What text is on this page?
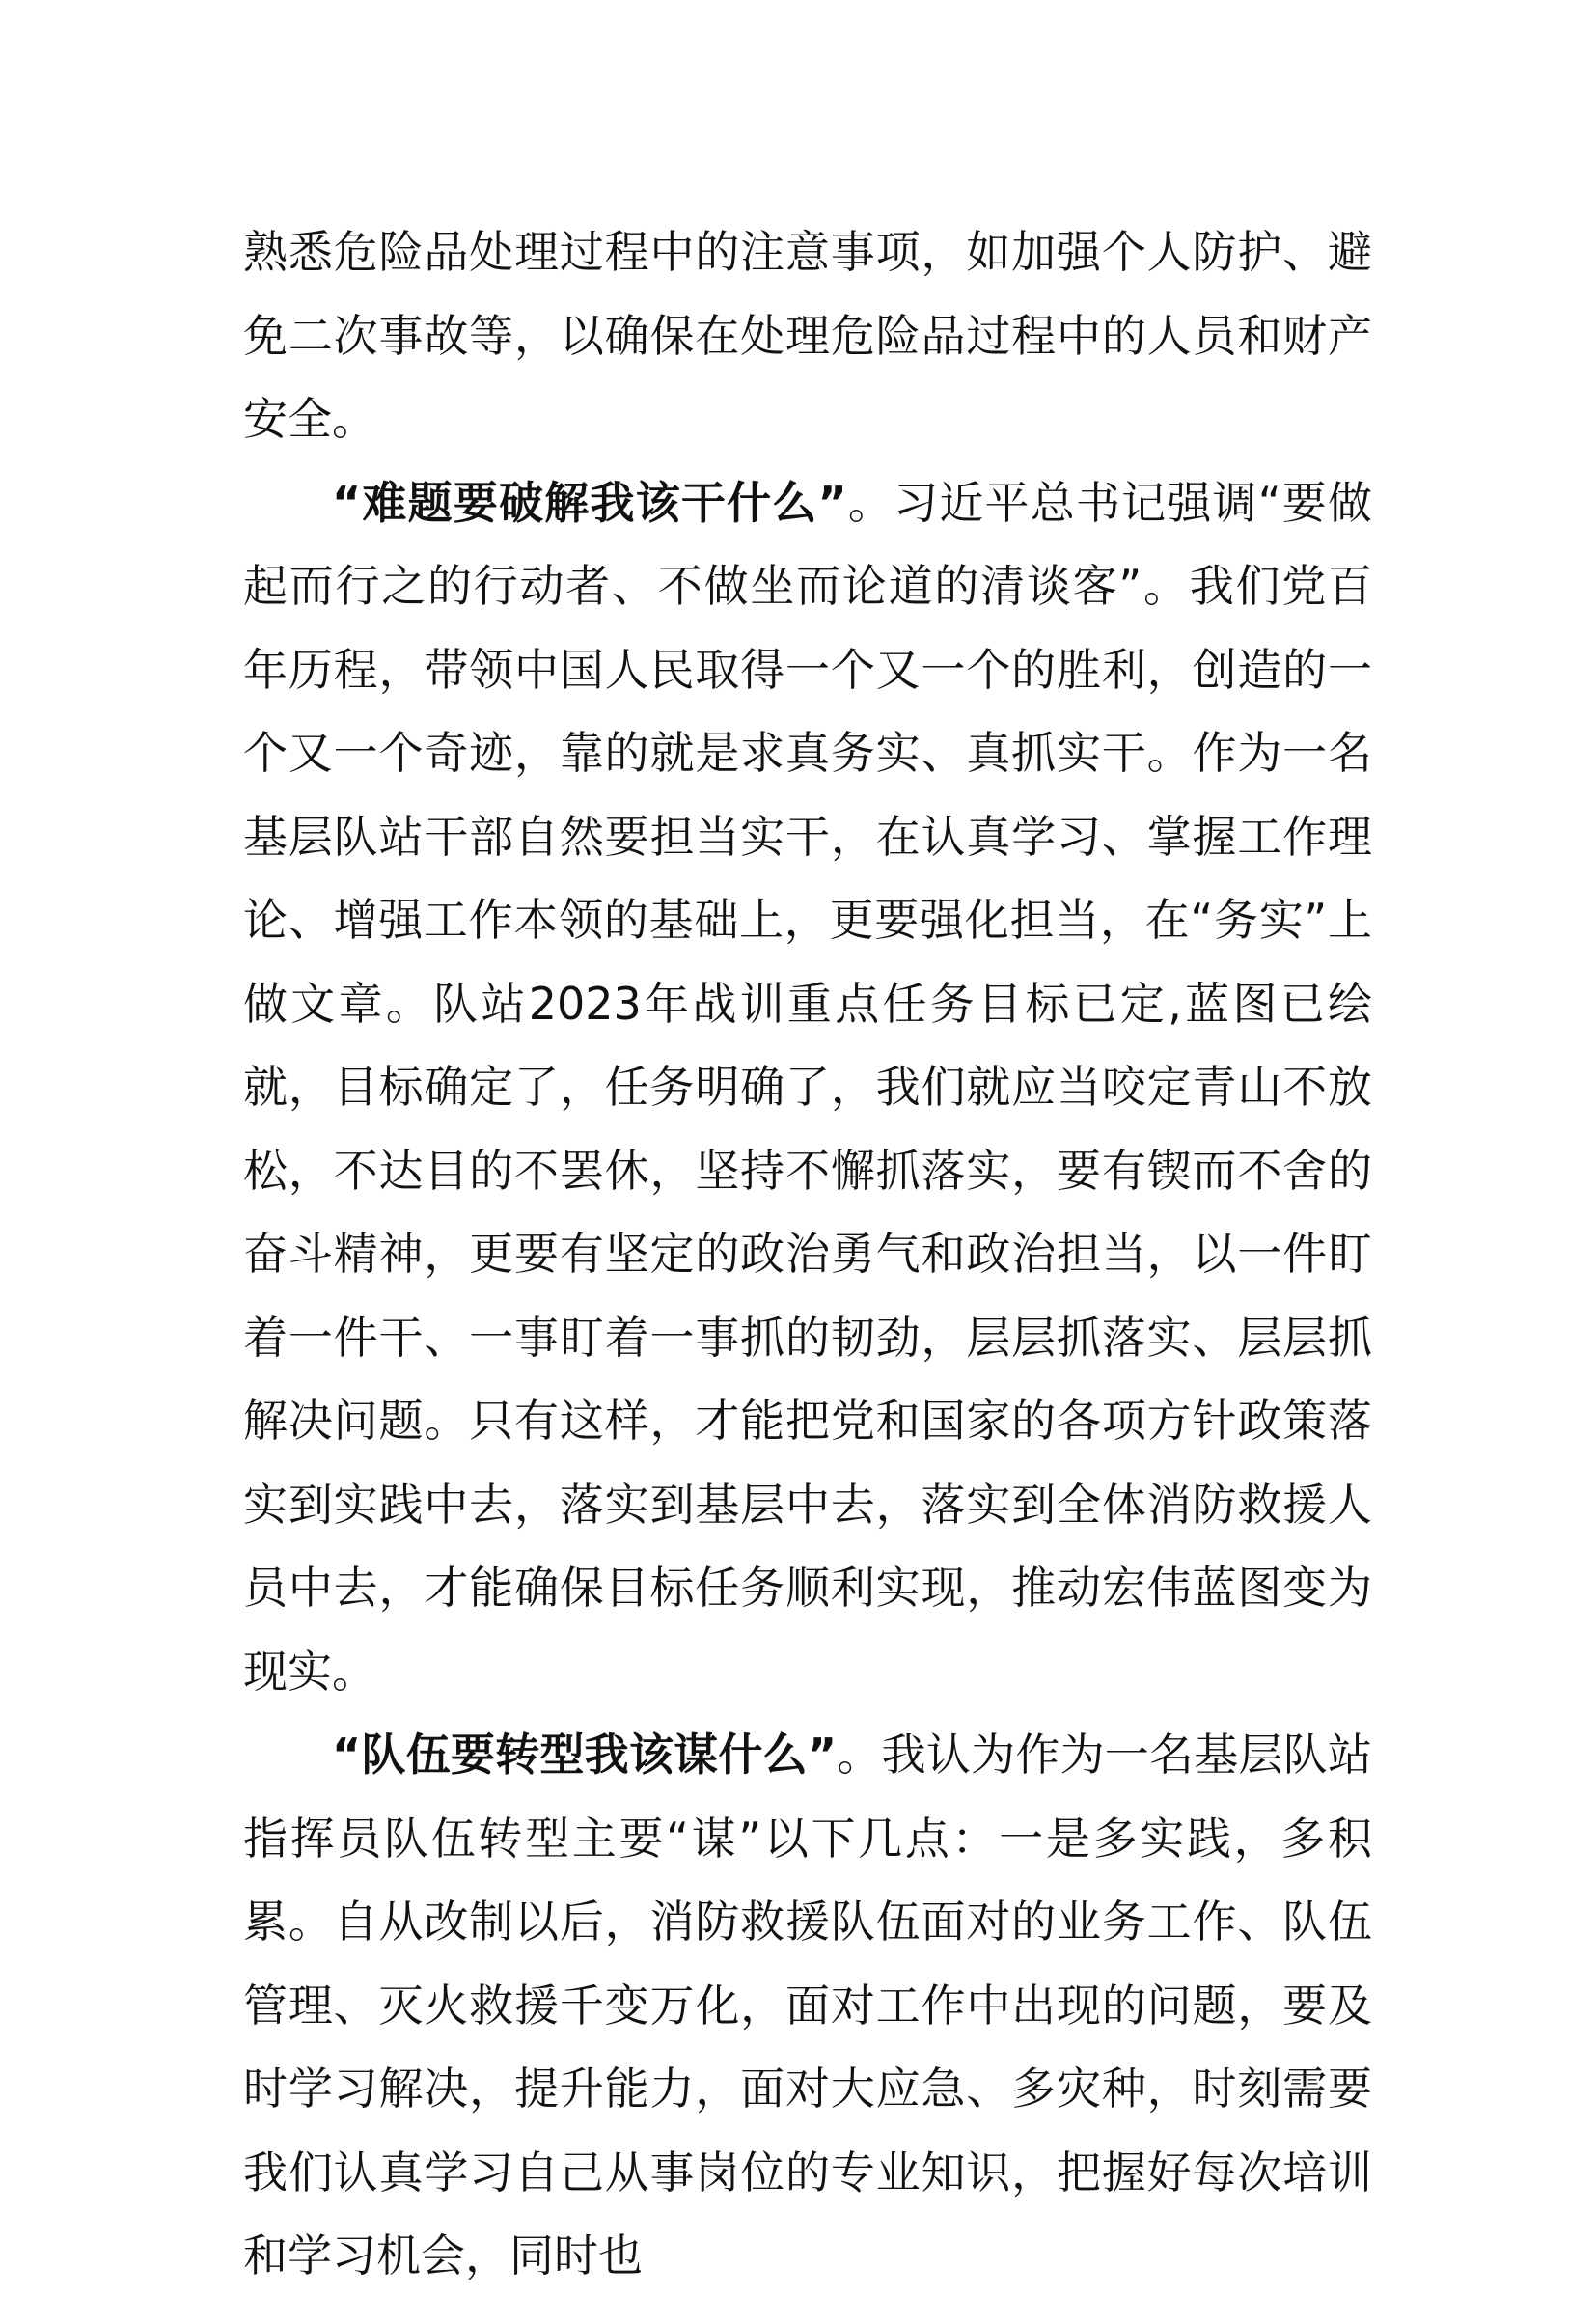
熟悉危险品处理过程中的注意事项，如加强个人防护、避免二次事故等，以确保在处理危险品过程中的人员和财产安全。

“难题要破解我该干什么”。习近平总书记强调“要做起而行之的行动者、不做坐而论道的清谈客”。我们党百年历程，带领中国人民取得一个又一个的胜利，创造的一个又一个奇迹，靠的就是求真务实、真抓实干。作为一名基层队站干部自然要担当实干，在认真学习、掌握工作理论、增强工作本领的基础上，更要强化担当，在“务实”上做文章。队站2023年战训重点任务目标已定,蓝图已绘就，目标确定了，任务明确了，我们就应当咬定青山不放松，不达目的不罢休，坚持不懈抓落实，要有锲而不舍的奋斗精神，更要有坚定的政治勇气和政治担当，以一件盯着一件干、一事盯着一事抓的韧劲，层层抓落实、层层抓解决问题。只有这样，才能把党和国家的各项方针政策落实到实践中去，落实到基层中去，落实到全体消防救援人员中去，才能确保目标任务顺利实现，推动宏伟蓝图变为现实。

“队伍要转型我该谋什么”。我认为作为一名基层队站指挥员队伍转型主要“谋”以下几点：一是多实践，多积累。自从改制以后，消防救援队伍面对的业务工作、队伍管理、灭火救援千变万化，面对工作中出现的问题，要及时学习解决，提升能力，面对大应急、多灾种，时刻需要我们认真学习自己从事岗位的专业知识，把握好每次培训和学习机会，同时也
